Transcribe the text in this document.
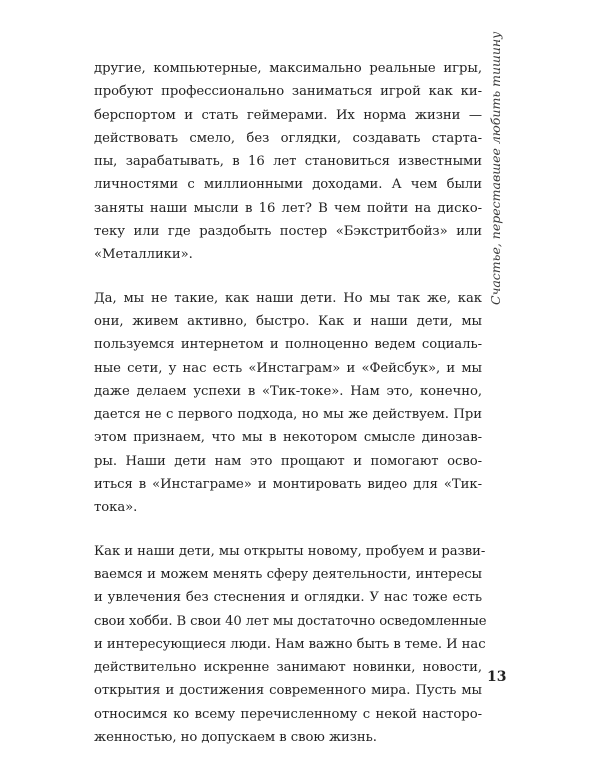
другие, компьютерные, максимально реальные игры,
пробуют профессионально заниматься игрой как ки-
берспортом и стать геймерами. Их норма жизни —
действовать смело, без оглядки, создавать старта-
пы, зарабатывать, в 16 лет становиться известными
личностями с миллионными доходами. А чем были
заняты наши мысли в 16 лет? В чем пойти на диско-
теку или где раздобыть постер «Бэкстритбойз» или
«Металлики».

Да, мы не такие, как наши дети. Но мы так же, как
они, живем активно, быстро. Как и наши дети, мы
пользуемся интернетом и полноценно ведем социаль-
ные сети, у нас есть «Инстаграм» и «Фейсбук», и мы
даже делаем успехи в «Тик-токе». Нам это, конечно,
дается не с первого подхода, но мы же действуем. При
этом признаем, что мы в некотором смысле динозав-
ры. Наши дети нам это прощают и помогают осво-
иться в «Инстаграме» и монтировать видео для «Тик-
тока».

Как и наши дети, мы открыты новому, пробуем и разви-
ваемся и можем менять сферу деятельности, интересы
и увлечения без стеснения и оглядки. У нас тоже есть
свои хобби. В свои 40 лет мы достаточно осведомленные
и интересующиеся люди. Нам важно быть в теме. И нас
действительно искренне занимают новинки, новости,
открытия и достижения современного мира. Пусть мы
относимся ко всему перечисленному с некой насторо-
женностью, но допускаем в свою жизнь.

Счастье, переставшее любить тишину
13
